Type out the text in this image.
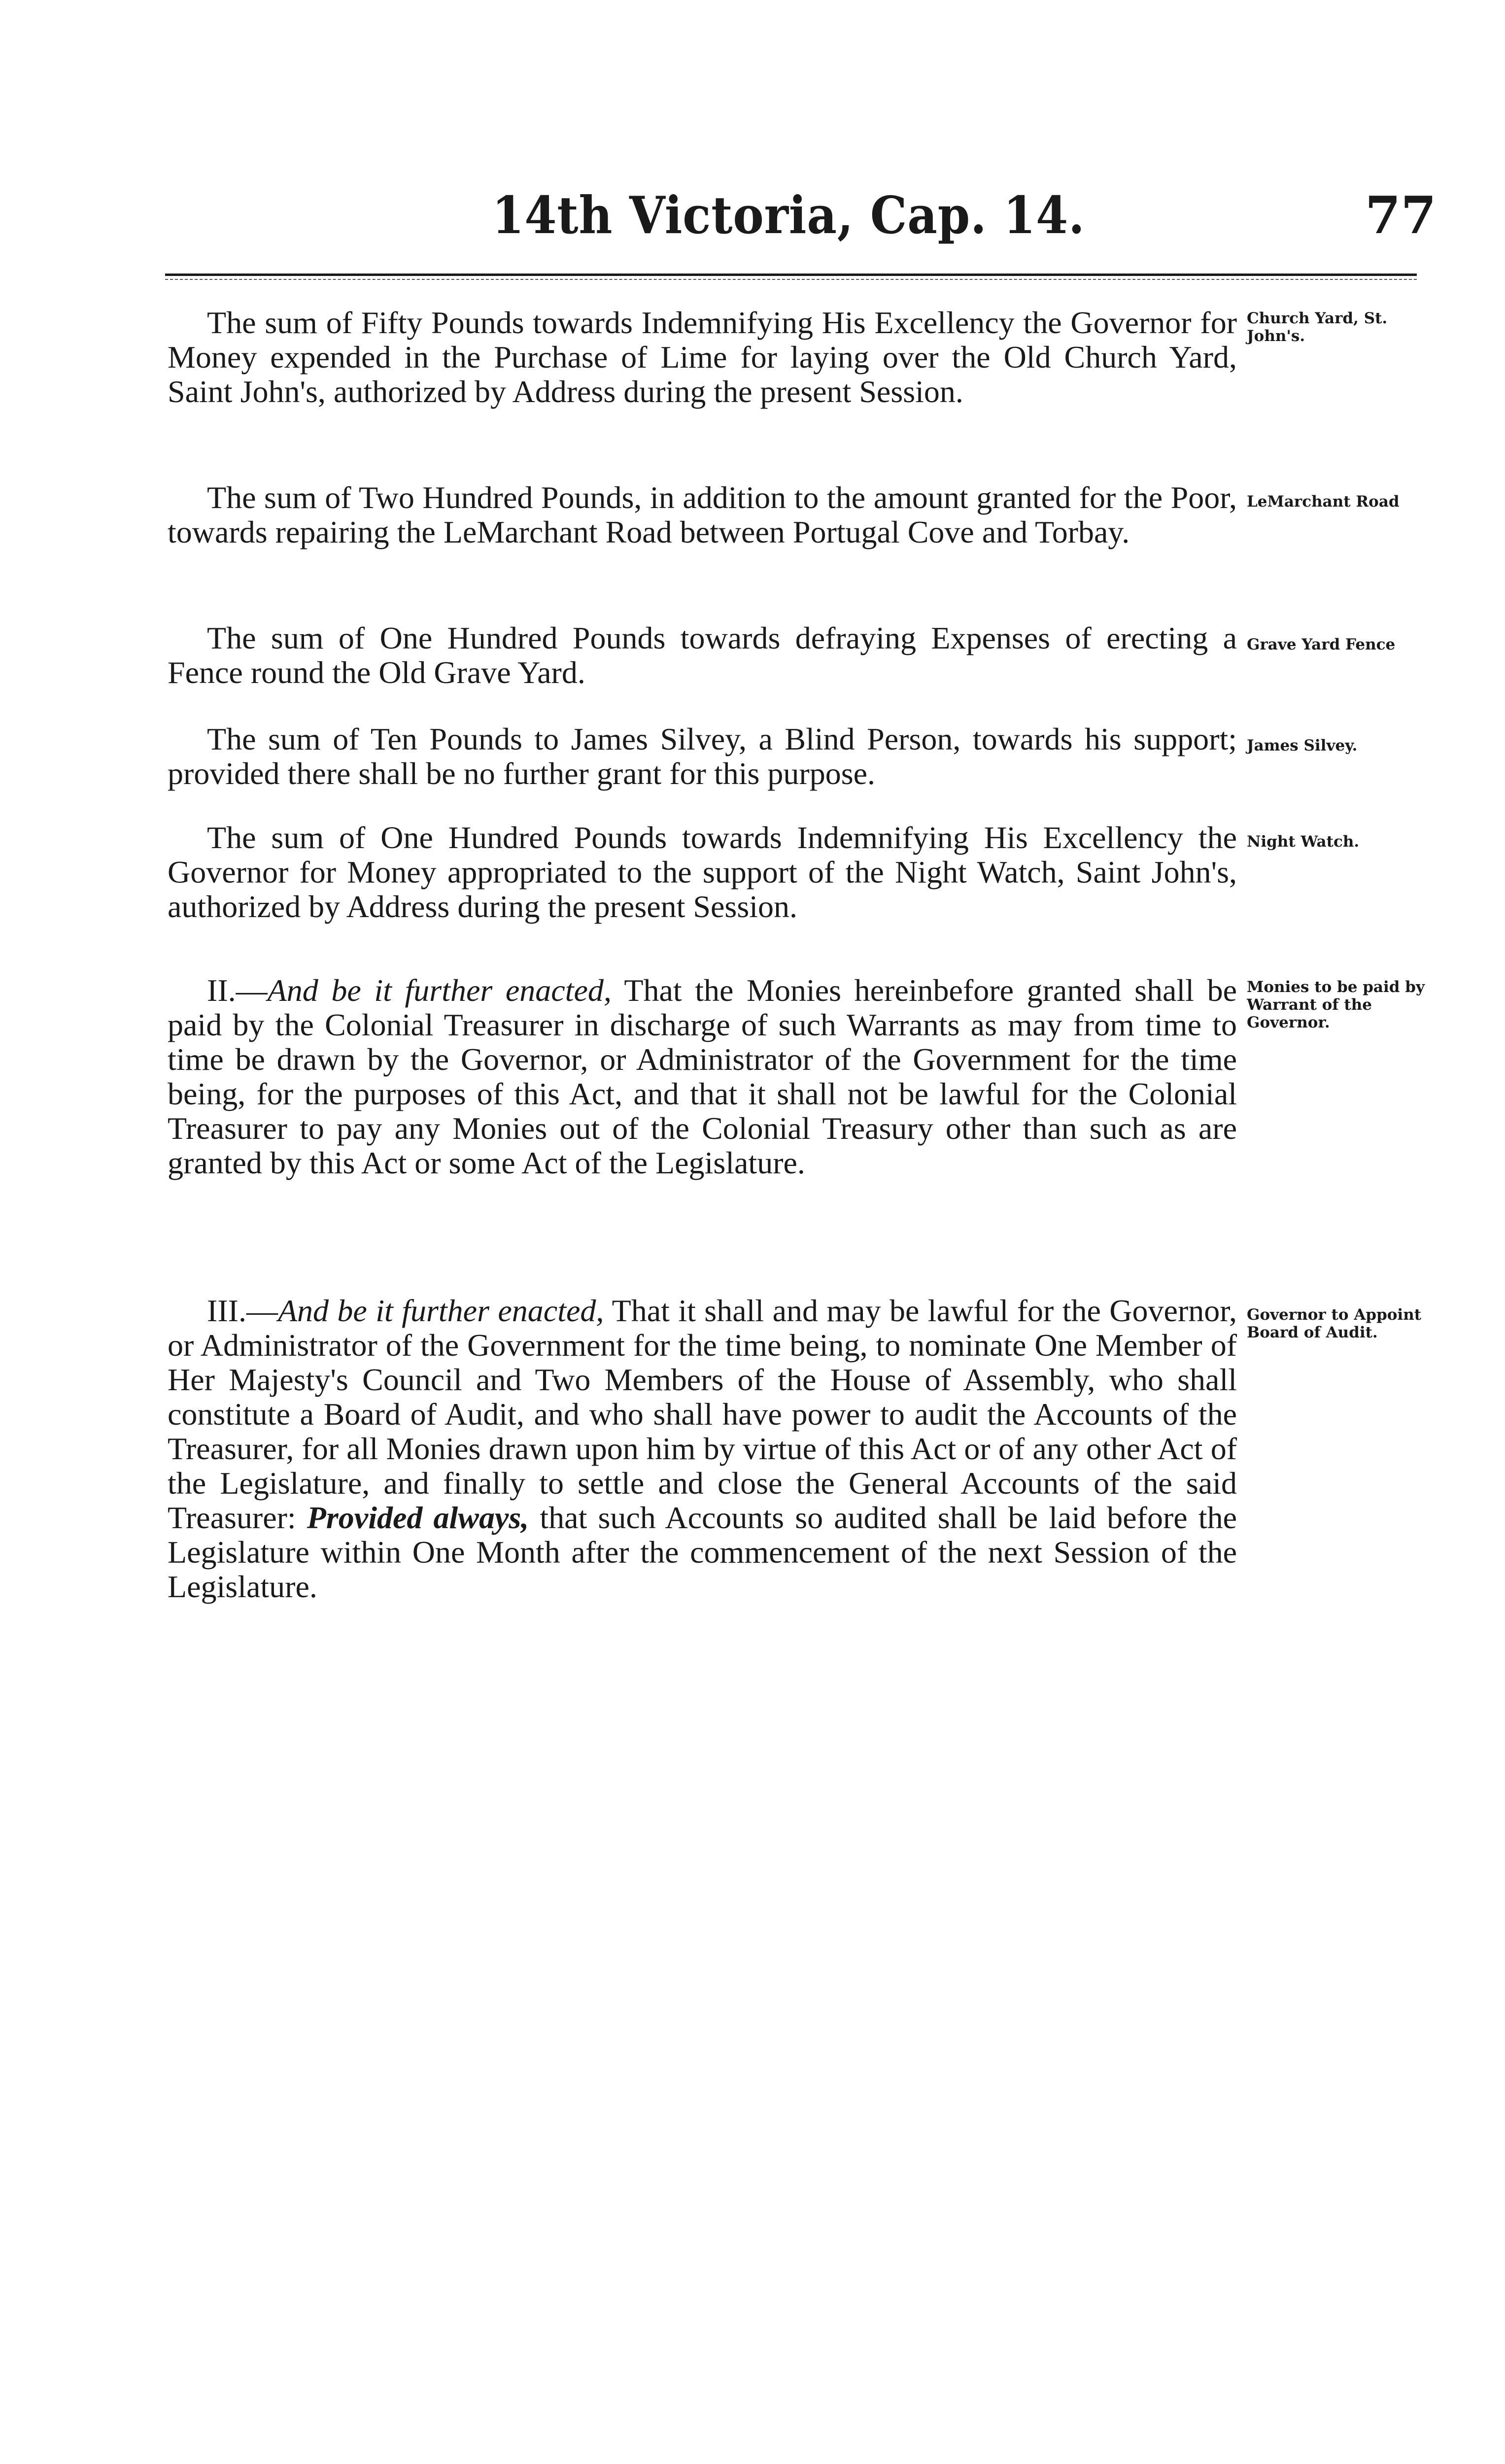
14th Victoria, Cap. 14.	77

The sum of Fifty Pounds towards Indemnifying His Excellency the Governor for Money expended in the Purchase of Lime for laying over the Old Church Yard, Saint John's, authorized by Address during the present Session.

Church Yard, St. John's.

The sum of Two Hundred Pounds, in addition to the amount granted for the Poor, towards repairing the LeMarchant Road between Portugal Cove and Torbay.

LeMarchant Road

The sum of One Hundred Pounds towards defraying Expenses of erecting a Fence round the Old Grave Yard.

Grave Yard Fence

The sum of Ten Pounds to James Silvey, a Blind Person, towards his support; provided there shall be no further grant for this purpose.

James Silvey.

The sum of One Hundred Pounds towards Indemnifying His Excellency the Governor for Money appropriated to the support of the Night Watch, Saint John's, authorized by Address during the present Session.

Night Watch.

II.—And be it further enacted, That the Monies hereinbefore granted shall be paid by the Colonial Treasurer in discharge of such Warrants as may from time to time be drawn by the Governor, or Administrator of the Government for the time being, for the purposes of this Act, and that it shall not be lawful for the Colonial Treasurer to pay any Monies out of the Colonial Treasury other than such as are granted by this Act or some Act of the Legislature.

Monies to be paid by Warrant of the Governor.

III.—And be it further enacted, That it shall and may be lawful for the Governor, or Administrator of the Government for the time being, to nominate One Member of Her Majesty's Council and Two Members of the House of Assembly, who shall constitute a Board of Audit, and who shall have power to audit the Accounts of the Treasurer, for all Monies drawn upon him by virtue of this Act or of any other Act of the Legislature, and finally to settle and close the General Accounts of the said Treasurer: Provided always, that such Accounts so audited shall be laid before the Legislature within One Month after the commencement of the next Session of the Legislature.

Governor to Appoint Board of Audit.
